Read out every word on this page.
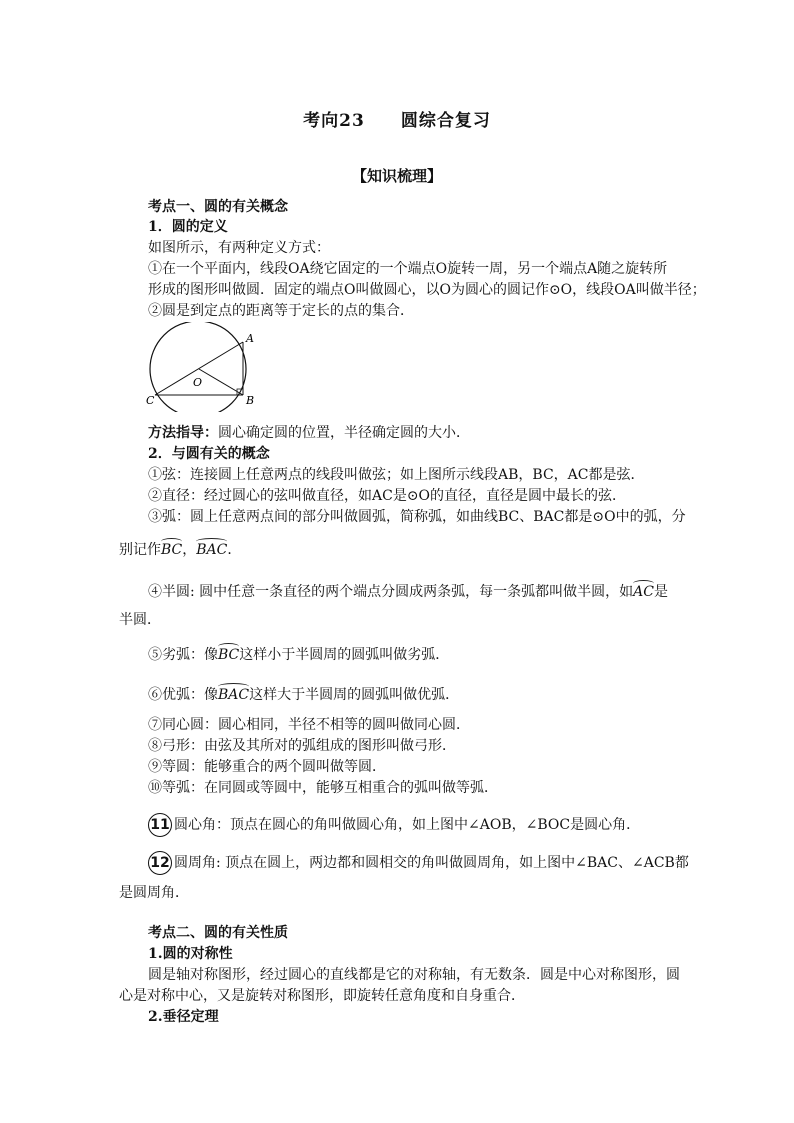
考向23　　圆综合复习
【知识梳理】
考点一、圆的有关概念
1．圆的定义
如图所示，有两种定义方式：
①在一个平面内，线段OA绕它固定的一个端点O旋转一周，另一个端点A随之旋转所
形成的图形叫做圆．固定的端点O叫做圆心，以O为圆心的圆记作⊙O，线段OA叫做半径；
②圆是到定点的距离等于定长的点的集合．
A
B
C
O
方法指导：圆心确定圆的位置，半径确定圆的大小．
2．与圆有关的概念
①弦：连接圆上任意两点的线段叫做弦；如上图所示线段AB，BC，AC都是弦．
②直径：经过圆心的弦叫做直径，如AC是⊙O的直径，直径是圆中最长的弦．
③弧：圆上任意两点间的部分叫做圆弧，简称弧，如曲线BC、BAC都是⊙O中的弧，分
别记作BC，BAC．
④半圆: 圆中任意一条直径的两个端点分圆成两条弧，每一条弧都叫做半圆，如AC是
半圆．
⑤劣弧：像BC这样小于半圆周的圆弧叫做劣弧．
⑥优弧：像BAC这样大于半圆周的圆弧叫做优弧．
⑦同心圆：圆心相同，半径不相等的圆叫做同心圆．
⑧弓形：由弦及其所对的弧组成的图形叫做弓形．
⑨等圆：能够重合的两个圆叫做等圆．
⑩等弧：在同圆或等圆中，能够互相重合的弧叫做等弧．
11 圆心角：顶点在圆心的角叫做圆心角，如上图中∠AOB，∠BOC是圆心角．
12 圆周角: 顶点在圆上，两边都和圆相交的角叫做圆周角，如上图中∠BAC、∠ACB都
是圆周角．
考点二、圆的有关性质
1.圆的对称性
圆是轴对称图形，经过圆心的直线都是它的对称轴，有无数条．圆是中心对称图形，圆
心是对称中心，又是旋转对称图形，即旋转任意角度和自身重合．
2.垂径定理
